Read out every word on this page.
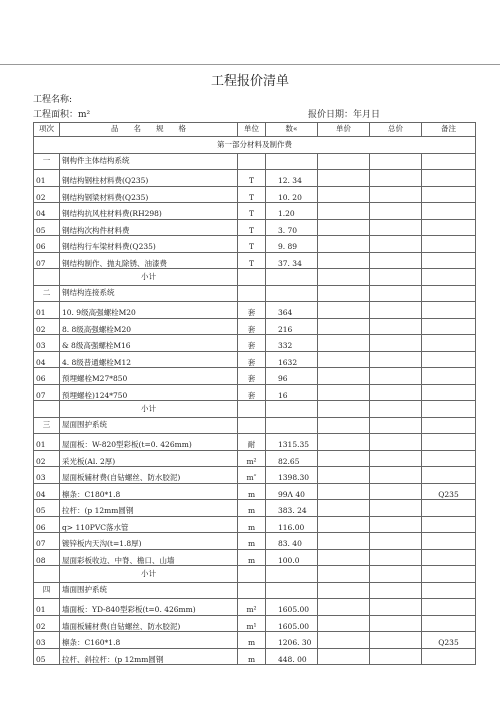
工程报价清单
工程名称:
工程面积：m²	报价日期：年月日
项次	品　　名　　规　　格	单位	数«	单价	总价	备注
第一部分材料及制作费						
一	钢构件主体结构系统					
01	钢结构钢柱材料费(Q235)	T	12. 34			
02	钢结构钢梁材料费(Q235)	T	10. 20			
04	钢结构抗风柱材料费(RH298)	T	1.20			
05	钢结构次构件材料费	T	3. 70			
06	钢结构行车梁材料费(Q235)	T	9. 89			
07	钢结构制作、抛丸除锈、油漆费	T	37. 34			
	小计					
二	钢结构连接系统					
01	10. 9级高强螺栓M20	套	364			
02	8. 8级高强螺栓M20	套	216			
03	& 8级高强螺栓M16	套	332			
04	4. 8级普通螺栓M12	套	1632			
06	预埋螺栓M27*850	套	96			
07	预埋螺栓)124*750	套	16			
	小计					
三	屋面围护系统					
01	屋面板：W-820型彩板(t=0. 426mm)	耐	1315.35			
02	采光板(Al. 2厚)	m²	82.65			
03	屋面板辅材费(自钻螺丝、防水胶泥)	m″	1398.30			
04	檩条：C180*1.8	m	99Λ 40			Q235
05	拉杆：(p 12mm圆钢	m	383. 24			
06	q> 110PVC落水管	m	116.00			
07	镀锌板内天沟(t=1.8厚)	m	83. 40			
08	屋面彩板收边、中脊、檐口、山墙	m	100.0			
	小计					
四	墙面围护系统					
01	墙面板：YD-840型彩板(t=0. 426mm)	m²	1605.00			
02	墙面板辅材费(自钻螺丝、防水胶泥)	m¹	1605.00			
03	檩条：C160*1.8	m	1206. 30			Q235
05	拉杆、斜拉杆：(p 12mm圆钢	m	448. 00			
